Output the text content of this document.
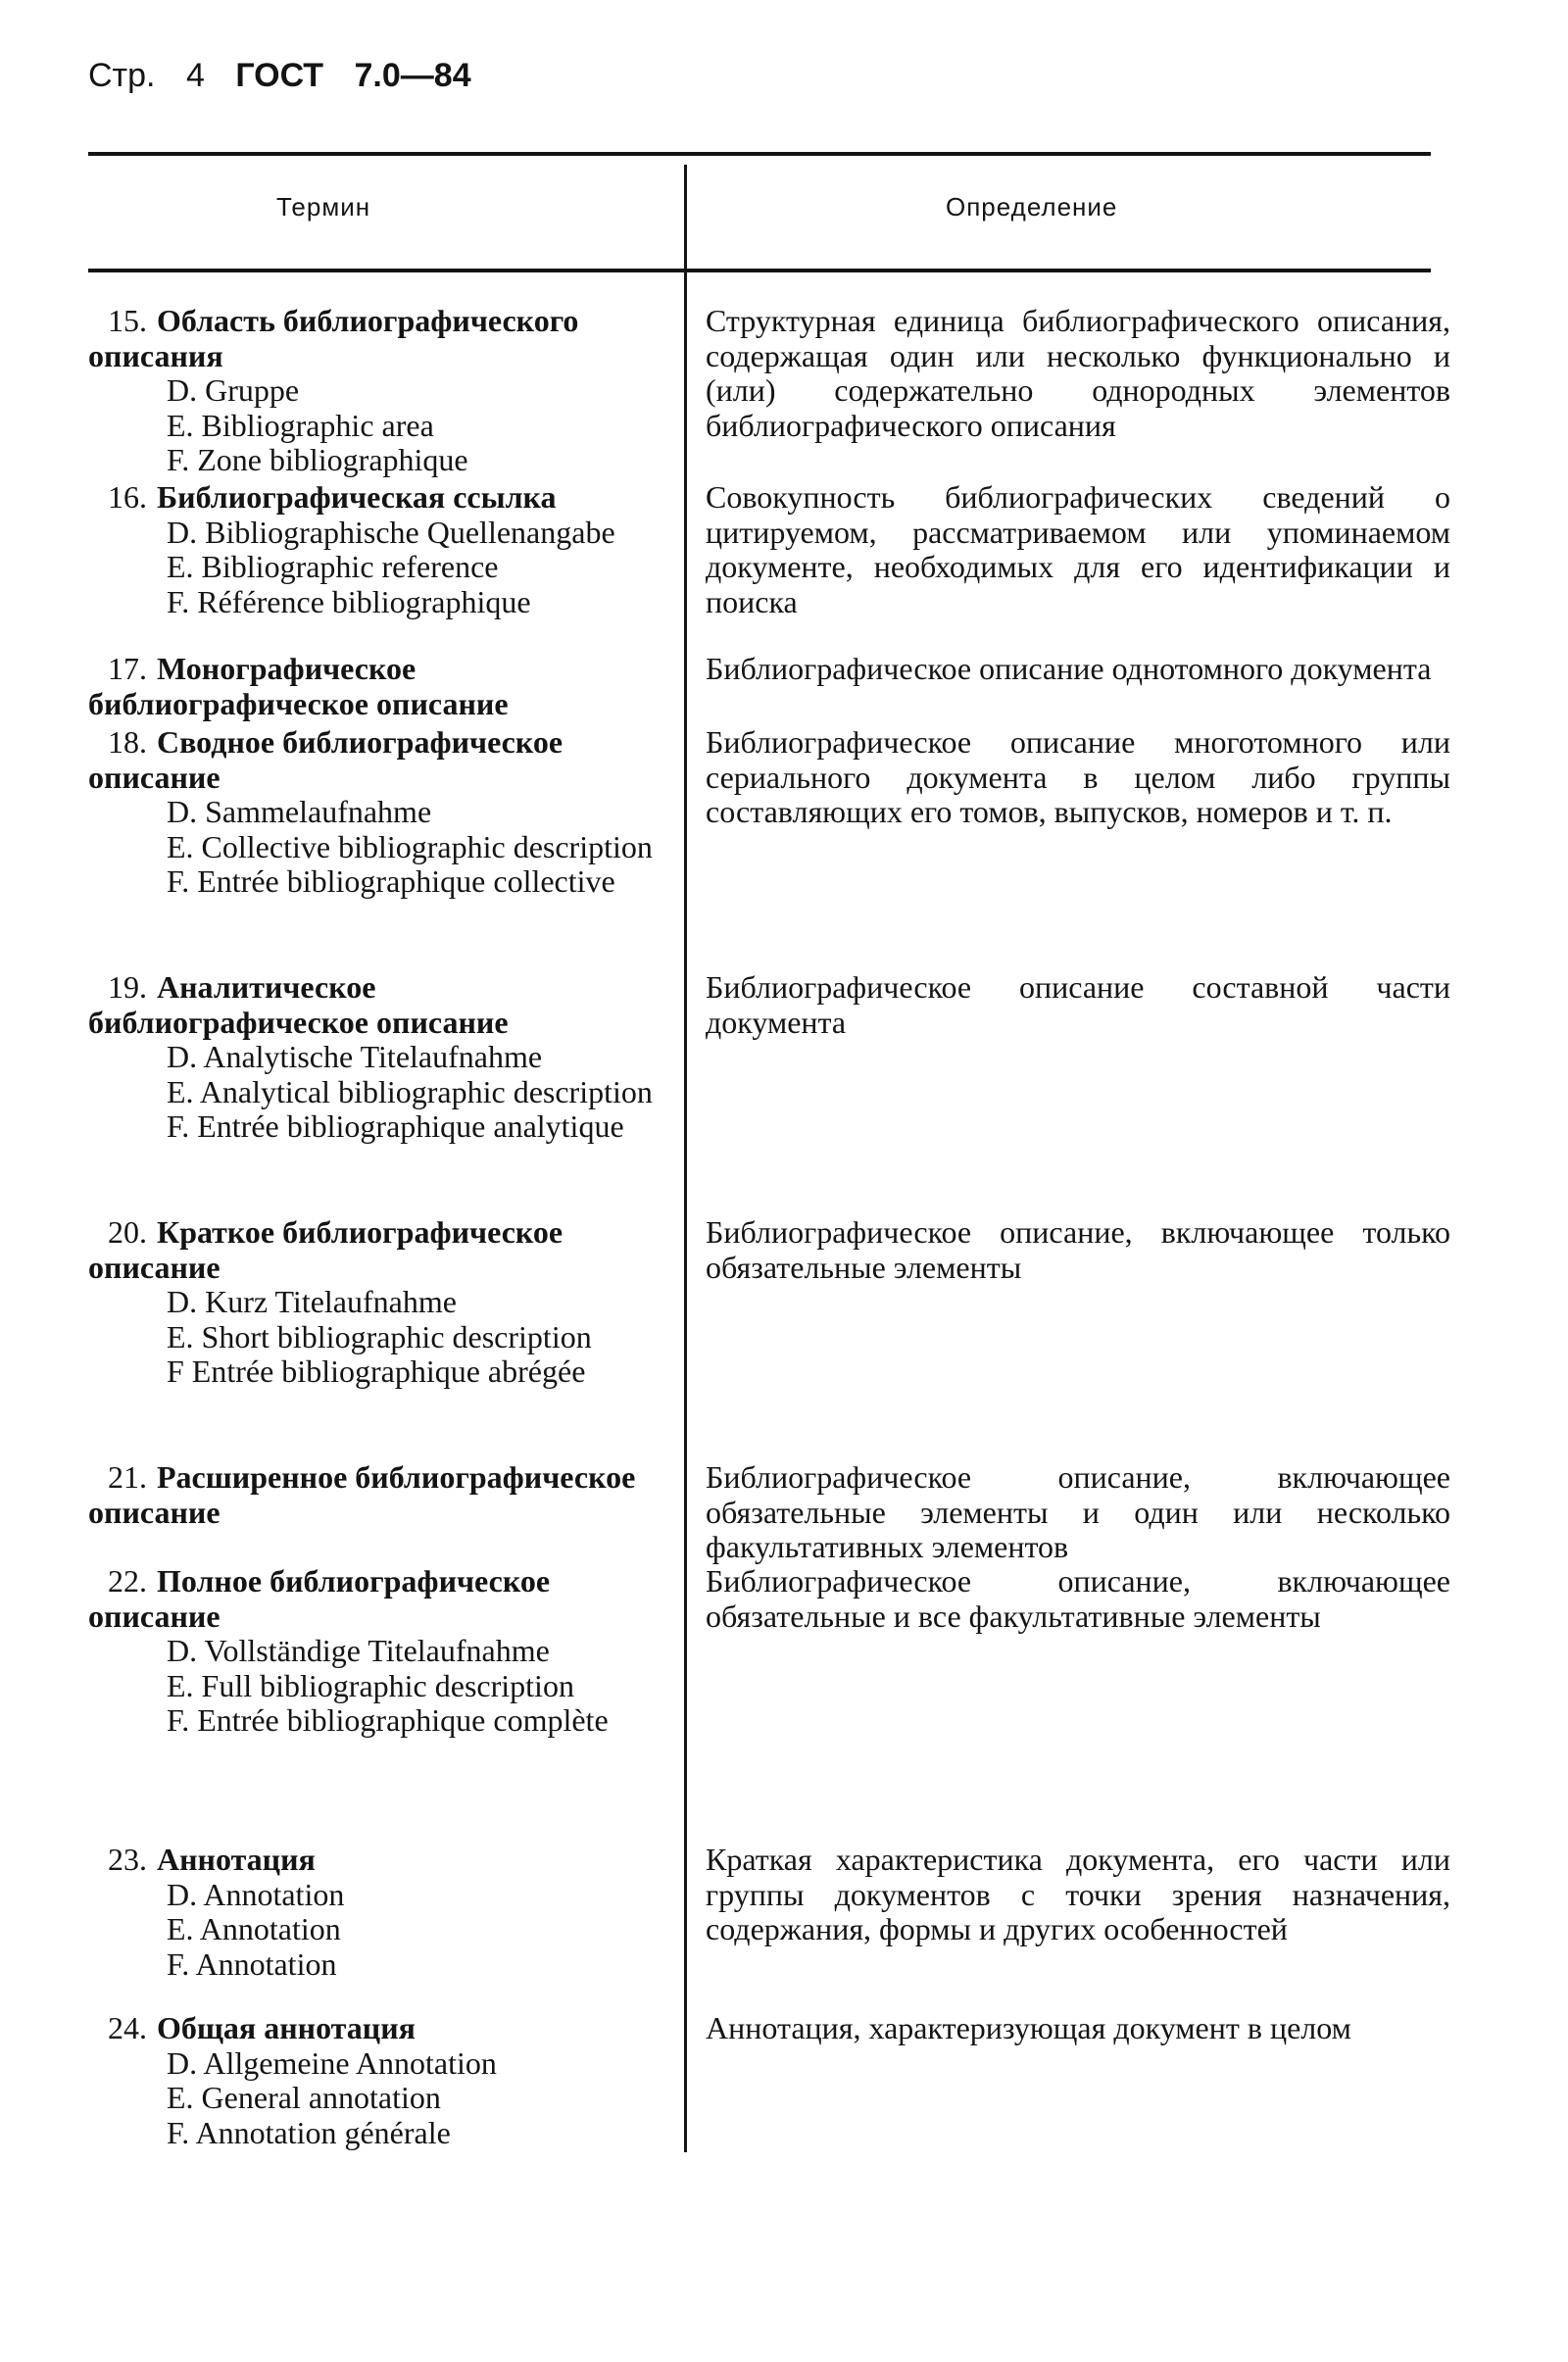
Стр. 4 ГОСТ 7.0—84
Термин	Определение
15. Область библиографического описания
D. Gruppe
E. Bibliographic area
F. Zone bibliographique
Структурная единица библиографического описания, содержащая один или несколько функционально и (или) содержательно однородных элементов библиографического описания
16. Библиографическая ссылка
D. Bibliographische Quellenangabe
E. Bibliographic reference
F. Référence bibliographique
Совокупность библиографических сведений о цитируемом, рассматриваемом или упоминаемом документе, необходимых для его идентификации и поиска
17. Монографическое библиографическое описание
Библиографическое описание однотомного документа
18. Сводное библиографическое описание
D. Sammelaufnahme
E. Collective bibliographic description
F. Entrée bibliographique collective
Библиографическое описание многотомного или сериального документа в целом либо группы составляющих его томов, выпусков, номеров и т. п.
19. Аналитическое библиографическое описание
D. Analytische Titelaufnahme
E. Analytical bibliographic description
F. Entrée bibliographique analytique
Библиографическое описание составной части документа
20. Краткое библиографическое описание
D. Kurz Titelaufnahme
E. Short bibliographic description
F Entrée bibliographique abrégée
Библиографическое описание, включающее только обязательные элементы
21. Расширенное библиографическое описание
Библиографическое описание, включающее обязательные элементы и один или несколько факультативных элементов
22. Полное библиографическое описание
D. Vollständige Titelaufnahme
E. Full bibliographic description
F. Entrée bibliographique complète
Библиографическое описание, включающее обязательные и все факультативные элементы
23. Аннотация
D. Annotation
E. Annotation
F. Annotation
Краткая характеристика документа, его части или группы документов с точки зрения назначения, содержания, формы и других особенностей
24. Общая аннотация
D. Allgemeine Annotation
E. General annotation
F. Annotation générale
Аннотация, характеризующая документ в целом
